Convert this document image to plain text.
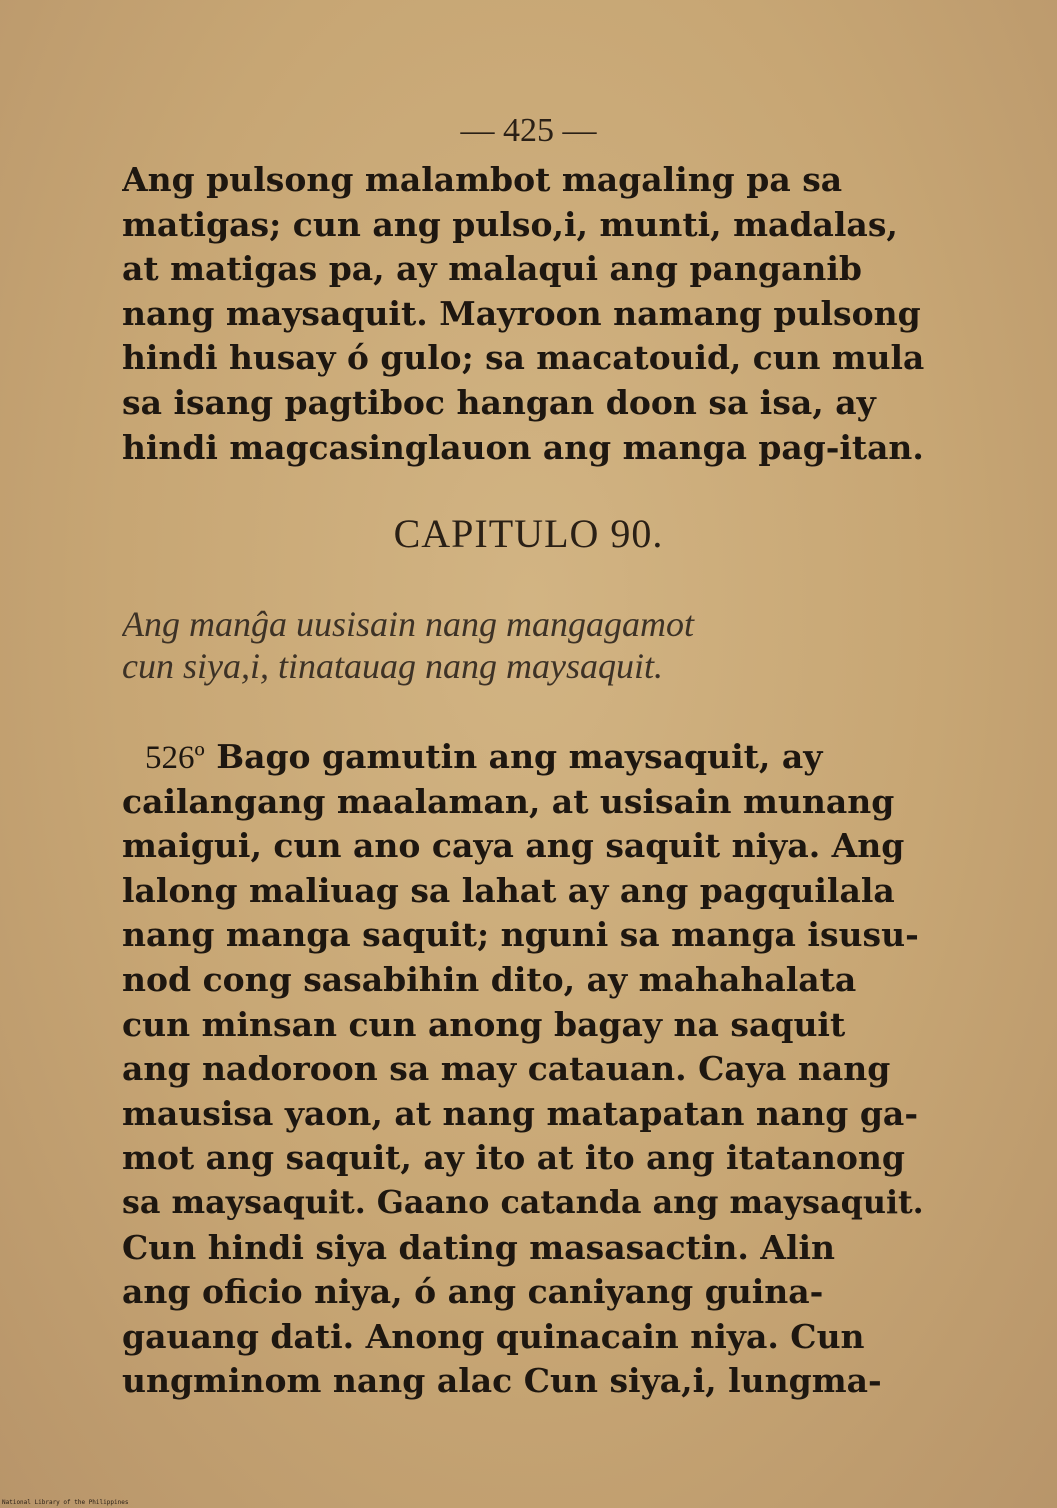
— 425 —
Ang pulsong malambot magaling pa sa
matigas; cun ang pulso,i, munti, madalas,
at matigas pa, ay malaqui ang panganib
nang maysaquit. Mayroon namang pulsong
hindi husay ó gulo; sa macatouid, cun mula
sa isang pagtiboc hangan doon sa isa, ay
hindi magcasinglauon ang manga pag-itan.
CAPITULO 90.
Ang manĝa uusisain nang mangagamot
cun siya,i, tinatauag nang maysaquit.
526º Bago gamutin ang maysaquit, ay
cailangang maalaman, at usisain munang
maigui, cun ano caya ang saquit niya. Ang
lalong maliuag sa lahat ay ang pagquilala
nang manga saquit; nguni sa manga isusu-
nod cong sasabihin dito, ay mahahalata
cun minsan cun anong bagay na saquit
ang nadoroon sa may catauan. Caya nang
mausisa yaon, at nang matapatan nang ga-
mot ang saquit, ay ito at ito ang itatanong
sa maysaquit. Gaano catanda ang maysaquit.
Cun hindi siya dating masasactin. Alin
ang oficio niya, ó ang caniyang guina-
gauang dati. Anong quinacain niya. Cun
ungminom nang alac Cun siya,i, lungma-
National Library of the Philippines
